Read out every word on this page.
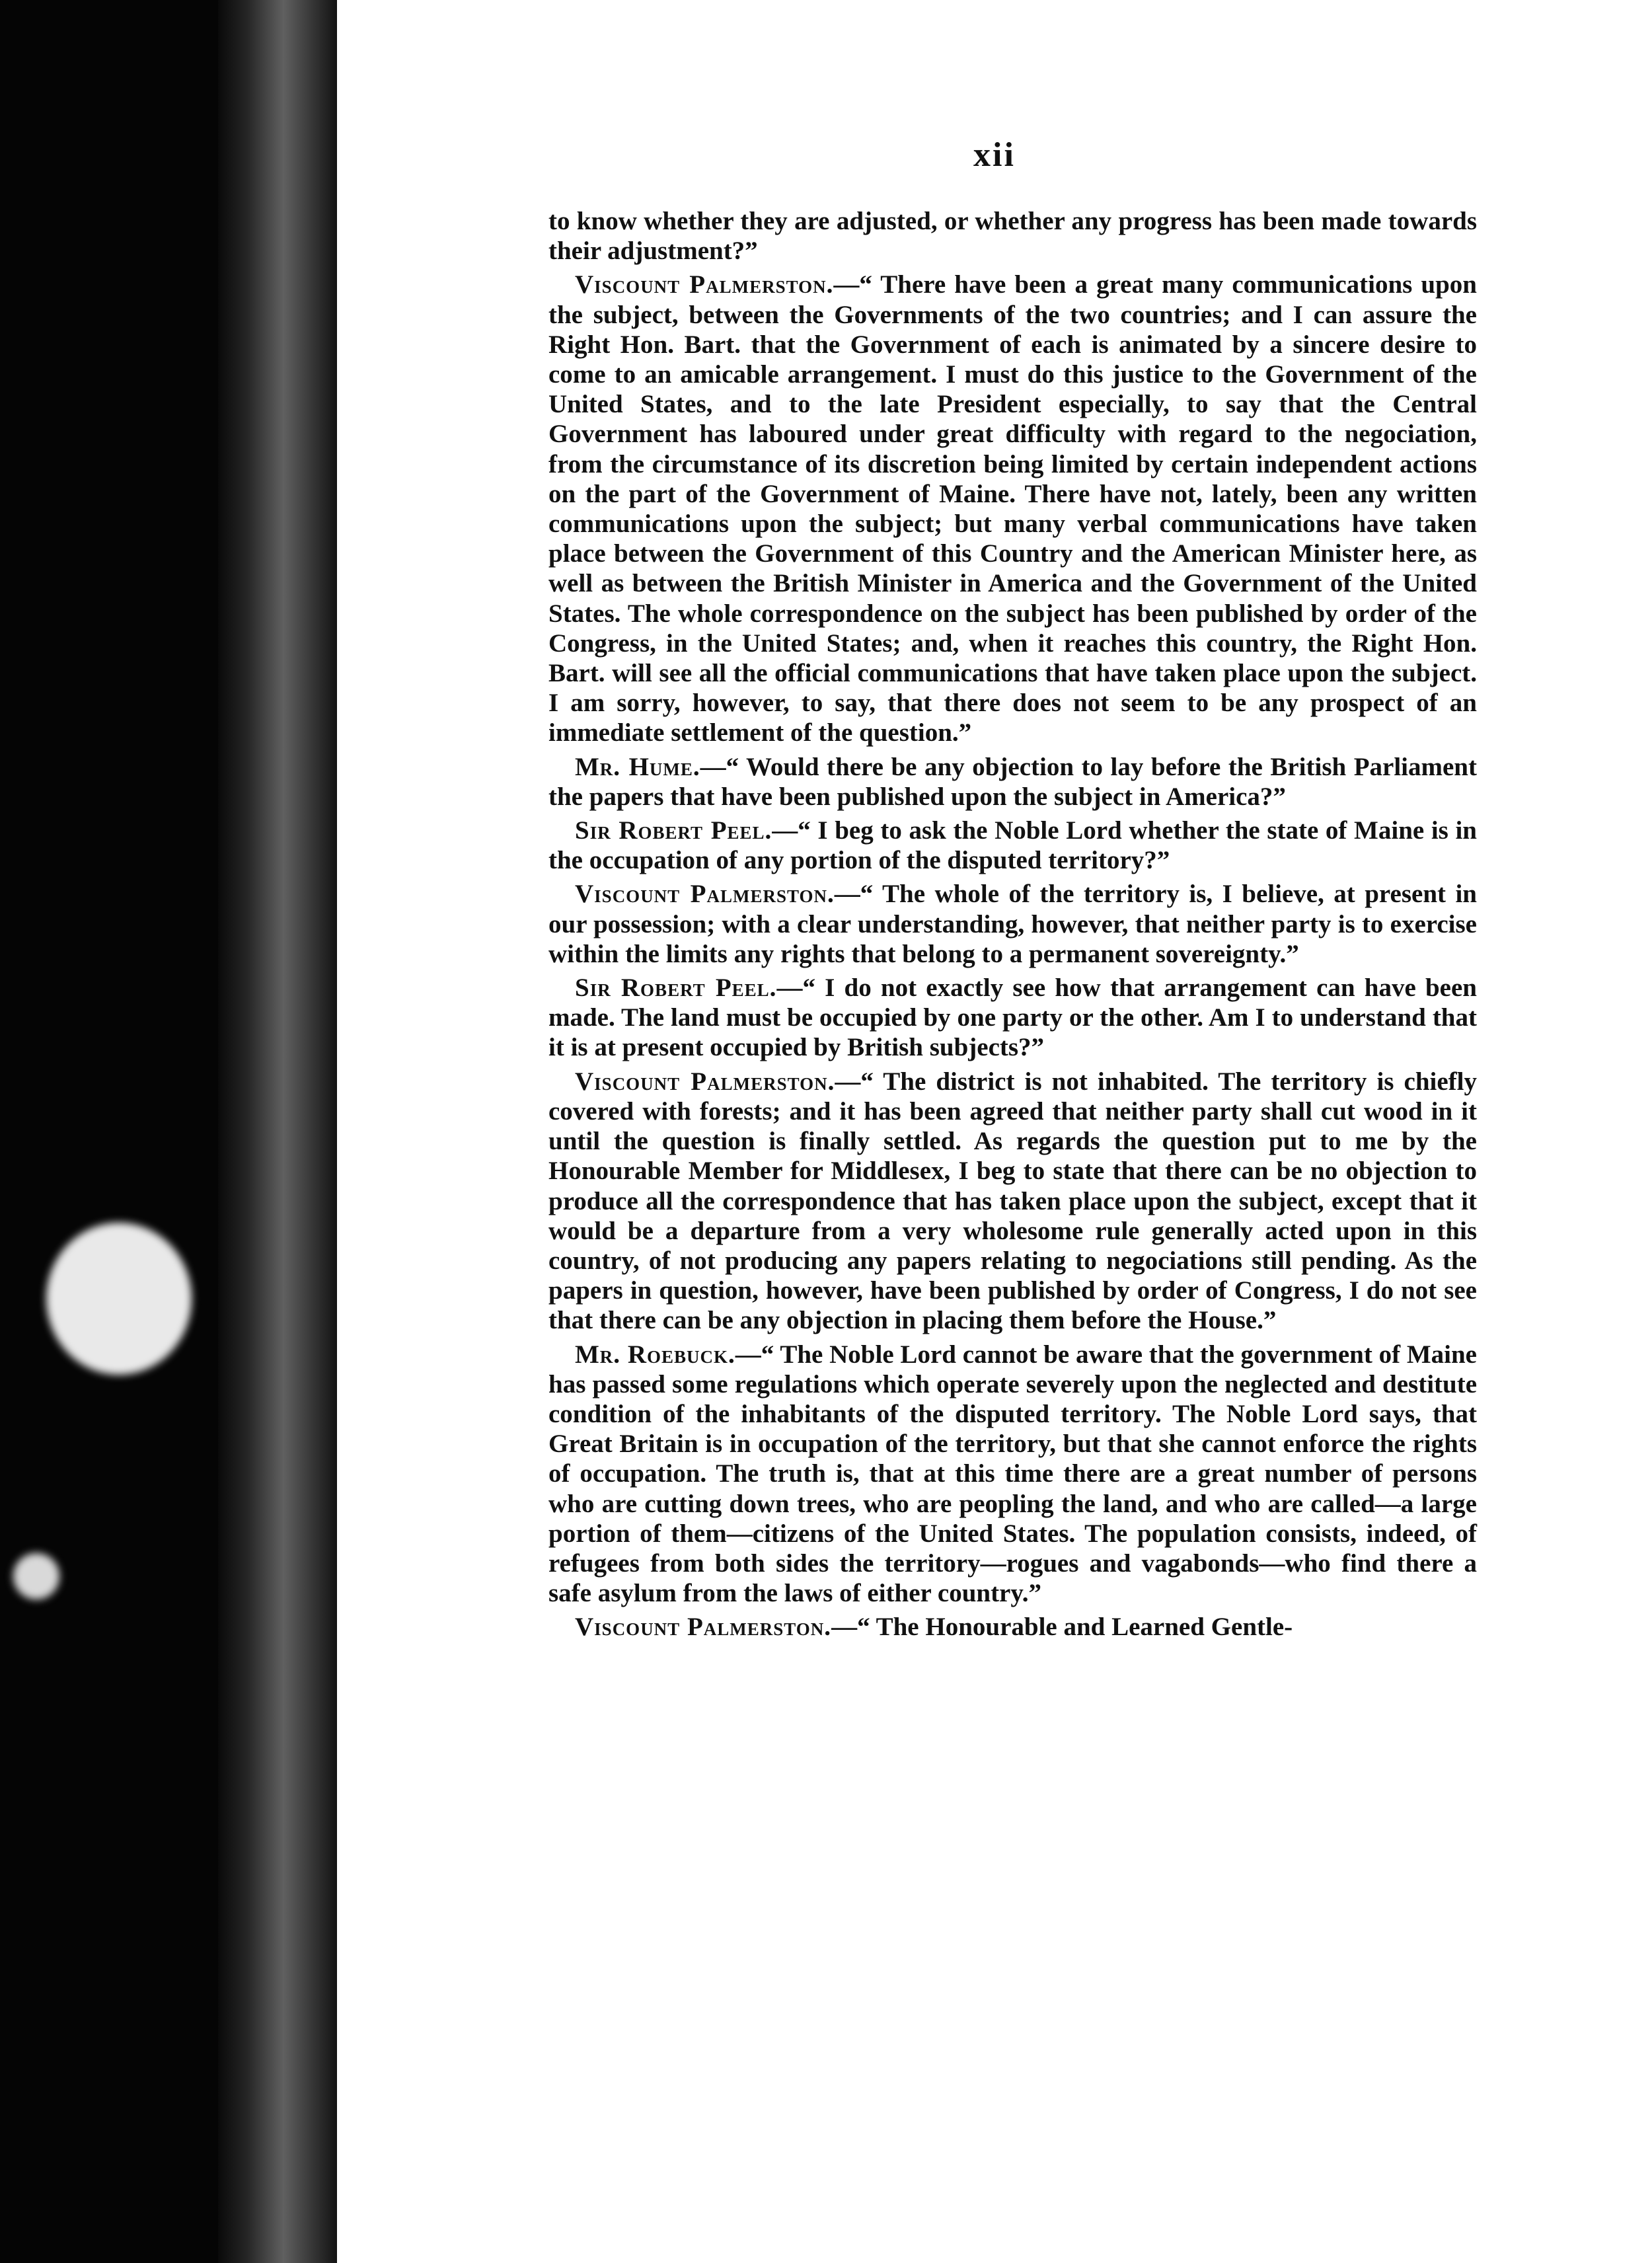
xii

to know whether they are adjusted, or whether any progress has been made towards their adjustment?”

Viscount Palmerston.—“ There have been a great many communications upon the subject, between the Governments of the two countries; and I can assure the Right Hon. Bart. that the Government of each is animated by a sincere desire to come to an amicable arrangement. I must do this justice to the Government of the United States, and to the late President especially, to say that the Central Government has laboured under great difficulty with regard to the negociation, from the circumstance of its discretion being limited by certain independent actions on the part of the Government of Maine. There have not, lately, been any written communications upon the subject; but many verbal communications have taken place between the Government of this Country and the American Minister here, as well as between the British Minister in America and the Government of the United States. The whole correspondence on the subject has been published by order of the Congress, in the United States; and, when it reaches this country, the Right Hon. Bart. will see all the official communications that have taken place upon the subject. I am sorry, however, to say, that there does not seem to be any prospect of an immediate settlement of the question.”

Mr. Hume.—“ Would there be any objection to lay before the British Parliament the papers that have been published upon the subject in America?”

Sir Robert Peel.—“ I beg to ask the Noble Lord whether the state of Maine is in the occupation of any portion of the disputed territory?”

Viscount Palmerston.—“ The whole of the territory is, I believe, at present in our possession; with a clear understanding, however, that neither party is to exercise within the limits any rights that belong to a permanent sovereignty.”

Sir Robert Peel.—“ I do not exactly see how that arrangement can have been made. The land must be occupied by one party or the other. Am I to understand that it is at present occupied by British subjects?”

Viscount Palmerston.—“ The district is not inhabited. The territory is chiefly covered with forests; and it has been agreed that neither party shall cut wood in it until the question is finally settled. As regards the question put to me by the Honourable Member for Middlesex, I beg to state that there can be no objection to produce all the correspondence that has taken place upon the subject, except that it would be a departure from a very wholesome rule generally acted upon in this country, of not producing any papers relating to negociations still pending. As the papers in question, however, have been published by order of Congress, I do not see that there can be any objection in placing them before the House.”

Mr. Roebuck.—“ The Noble Lord cannot be aware that the government of Maine has passed some regulations which operate severely upon the neglected and destitute condition of the inhabitants of the disputed territory. The Noble Lord says, that Great Britain is in occupation of the territory, but that she cannot enforce the rights of occupation. The truth is, that at this time there are a great number of persons who are cutting down trees, who are peopling the land, and who are called—a large portion of them—citizens of the United States. The population consists, indeed, of refugees from both sides the territory—rogues and vagabonds—who find there a safe asylum from the laws of either country.”

Viscount Palmerston.—“ The Honourable and Learned Gentle-
